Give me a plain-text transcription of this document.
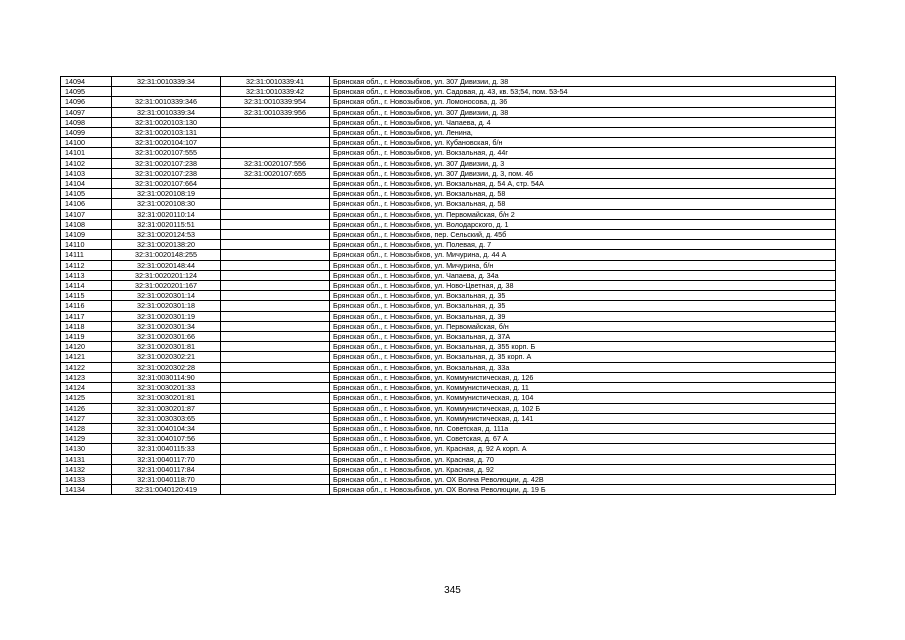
14094	32:31:0010339:34	32:31:0010339:41	Брянская обл., г. Новозыбков, ул. 307 Дивизии, д. 38
14095		32:31:0010339:42	Брянская обл., г. Новозыбков, ул. Садовая, д. 43, кв. 53;54, пом. 53-54
14096	32:31:0010339:346	32:31:0010339:954	Брянская обл., г. Новозыбков, ул. Ломоносова, д. 36
14097	32:31:0010339:34	32:31:0010339:956	Брянская обл., г. Новозыбков, ул. 307 Дивизии, д. 38
14098	32:31:0020103:130		Брянская обл., г. Новозыбков, ул. Чапаева, д. 4
14099	32:31:0020103:131		Брянская обл., г. Новозыбков, ул. Ленина,
14100	32:31:0020104:107		Брянская обл., г. Новозыбков, ул. Кубановская, б/н
14101	32:31:0020107:555		Брянская обл., г. Новозыбков, ул. Вокзальная, д. 44г
14102	32:31:0020107:238	32:31:0020107:556	Брянская обл., г. Новозыбков, ул. 307 Дивизии, д. 3
14103	32:31:0020107:238	32:31:0020107:655	Брянская обл., г. Новозыбков, ул. 307 Дивизии, д. 3, пом. 46
14104	32:31:0020107:664		Брянская обл., г. Новозыбков, ул. Вокзальная, д. 54 А, стр. 54А
14105	32:31:0020108:19		Брянская обл., г. Новозыбков, ул. Вокзальная, д. 58
14106	32:31:0020108:30		Брянская обл., г. Новозыбков, ул. Вокзальная, д. 58
14107	32:31:0020110:14		Брянская обл., г. Новозыбков, ул. Первомайская, б/н 2
14108	32:31:0020115:51		Брянская обл., г. Новозыбков, ул. Володарского, д. 1
14109	32:31:0020124:53		Брянская обл., г. Новозыбков, пер. Сельский, д. 45б
14110	32:31:0020138:20		Брянская обл., г. Новозыбков, ул. Полевая, д. 7
14111	32:31:0020148:255		Брянская обл., г. Новозыбков, ул. Мичурина, д. 44 А
14112	32:31:0020148:44		Брянская обл., г. Новозыбков, ул. Мичурина, б/н
14113	32:31:0020201:124		Брянская обл., г. Новозыбков, ул. Чапаева, д. 34а
14114	32:31:0020201:167		Брянская обл., г. Новозыбков, ул. Ново-Цветная, д. 38
14115	32:31:0020301:14		Брянская обл., г. Новозыбков, ул. Вокзальная, д. 35
14116	32:31:0020301:18		Брянская обл., г. Новозыбков, ул. Вокзальная, д. 35
14117	32:31:0020301:19		Брянская обл., г. Новозыбков, ул. Вокзальная, д. 39
14118	32:31:0020301:34		Брянская обл., г. Новозыбков, ул. Первомайская, б/н
14119	32:31:0020301:66		Брянская обл., г. Новозыбков, ул. Вокзальная, д. 37А
14120	32:31:0020301:81		Брянская обл., г. Новозыбков, ул. Вокзальная, д. 355 корп. Б
14121	32:31:0020302:21		Брянская обл., г. Новозыбков, ул. Вокзальная, д. 35 корп. А
14122	32:31:0020302:28		Брянская обл., г. Новозыбков, ул. Вокзальная, д. 33а
14123	32:31:0030114:90		Брянская обл., г. Новозыбков, ул. Коммунистическая, д. 126
14124	32:31:0030201:33		Брянская обл., г. Новозыбков, ул. Коммунистическая, д. 11
14125	32:31:0030201:81		Брянская обл., г. Новозыбков, ул. Коммунистическая, д. 104
14126	32:31:0030201:87		Брянская обл., г. Новозыбков, ул. Коммунистическая, д. 102 Б
14127	32:31:0030303:65		Брянская обл., г. Новозыбков, ул. Коммунистическая, д. 141
14128	32:31:0040104:34		Брянская обл., г. Новозыбков, пл. Советская, д. 111а
14129	32:31:0040107:56		Брянская обл., г. Новозыбков, ул. Советская, д. 67 А
14130	32:31:0040115:33		Брянская обл., г. Новозыбков, ул. Красная, д. 92 А корп. А
14131	32:31:0040117:70		Брянская обл., г. Новозыбков, ул. Красная, д. 70
14132	32:31:0040117:84		Брянская обл., г. Новозыбков, ул. Красная, д. 92
14133	32:31:0040118:70		Брянская обл., г. Новозыбков, ул. ОХ Волна Революции, д. 42В
14134	32:31:0040120:419		Брянская обл., г. Новозыбков, ул. ОХ Волна Революции, д. 19 Б
345
